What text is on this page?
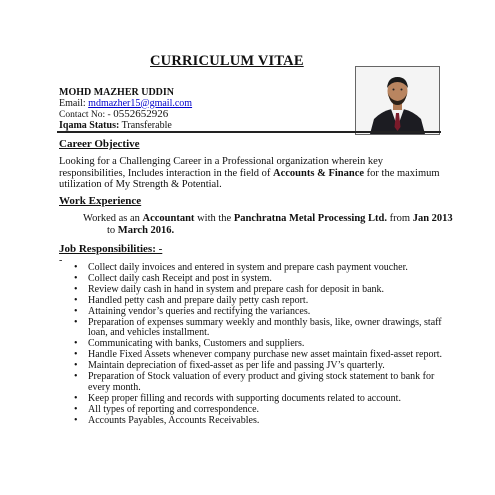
CURRICULUM VITAE
MOHD MAZHER UDDIN
Email: mdmazher15@gmail.com
Contact No: - 0552652926
Iqama Status: Transferable
Career Objective
Looking for a Challenging Career in a Professional organization wherein key responsibilities, Includes interaction in the field of Accounts & Finance for the maximum utilization of My Strength & Potential.
Work Experience
Worked as an Accountant with the Panchratna Metal Processing Ltd. from Jan 2013
to March 2016.
Job Responsibilities: -
-
• Collect daily invoices and entered in system and prepare cash payment voucher.
• Collect daily cash Receipt and post in system.
• Review daily cash in hand in system and prepare cash for deposit in bank.
• Handled petty cash and prepare daily petty cash report.
• Attaining vendor’s queries and rectifying the variances.
• Preparation of expenses summary weekly and monthly basis, like, owner drawings, staff loan, and vehicles installment.
• Communicating with banks, Customers and suppliers.
• Handle Fixed Assets whenever company purchase new asset maintain fixed-asset report.
• Maintain depreciation of fixed-asset as per life and passing JV’s quarterly.
• Preparation of Stock valuation of every product and giving stock statement to bank for every month.
• Keep proper filling and records with supporting documents related to account.
• All types of reporting and correspondence.
• Accounts Payables, Accounts Receivables.
